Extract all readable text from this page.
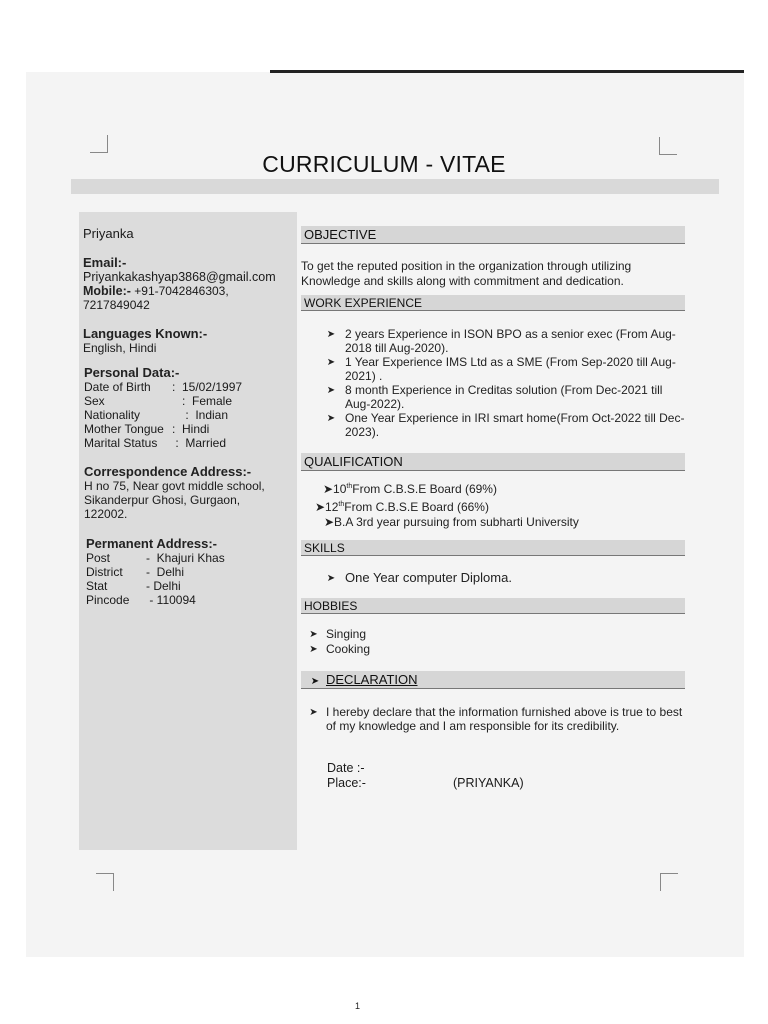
CURRICULUM - VITAE
Priyanka
Email:-
Priyankakashyap3868@gmail.com
Mobile:- +91-7042846303,
7217849042
Languages Known:-
English, Hindi
Personal Data:-
Date of Birth	:  15/02/1997
Sex	:  Female
Nationality	:  Indian
Mother Tongue :  Hindi
Marital Status	:  Married
Correspondence Address:-
H no 75, Near govt middle school,
Sikanderpur Ghosi, Gurgaon,
122002.
Permanent Address:-
Post	-  Khajuri Khas
District	-  Delhi
Stat	- Delhi
Pincode	- 110094
OBJECTIVE
To get the reputed position in the organization through utilizing Knowledge and skills along with commitment and dedication.
WORK EXPERIENCE
➤ 2 years Experience in ISON BPO as a senior exec (From Aug-2018 till Aug-2020).
➤ 1 Year Experience IMS Ltd as a SME (From Sep-2020 till Aug-2021) .
➤ 8 month Experience in Creditas solution (From Dec-2021 till Aug-2022).
➤ One Year Experience in IRI smart home(From Oct-2022 till Dec-2023).
QUALIFICATION
➤10thFrom C.B.S.E Board (69%)
➤12thFrom C.B.S.E Board (66%)
➤B.A 3rd year pursuing from subharti University
SKILLS
➤ One Year computer Diploma.
HOBBIES
➤ Singing
➤ Cooking
➤ DECLARATION
➤ I hereby declare that the information furnished above is true to best of my knowledge and I am responsible for its credibility.
Date :-
Place:-	(PRIYANKA)
1
